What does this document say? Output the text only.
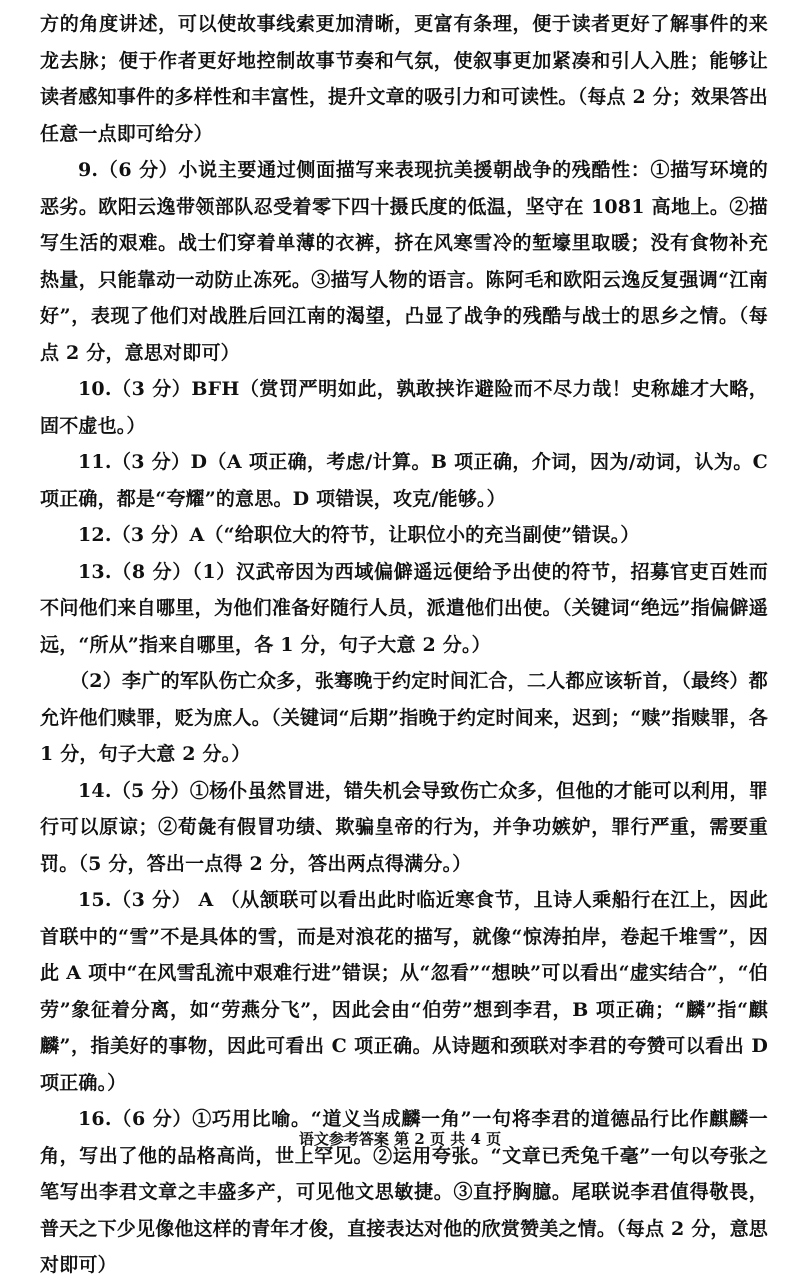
方的角度讲述，可以使故事线索更加清晰，更富有条理，便于读者更好了解事件的来龙去脉；便于作者更好地控制故事节奏和气氛，使叙事更加紧凑和引人入胜；能够让读者感知事件的多样性和丰富性，提升文章的吸引力和可读性。（每点 2 分；效果答出任意一点即可给分）

9.（6 分）小说主要通过侧面描写来表现抗美援朝战争的残酷性：①描写环境的恶劣。欧阳云逸带领部队忍受着零下四十摄氏度的低温，坚守在 1081 高地上。②描写生活的艰难。战士们穿着单薄的衣裤，挤在风寒雪冷的堑壕里取暖；没有食物补充热量，只能靠动一动防止冻死。③描写人物的语言。陈阿毛和欧阳云逸反复强调“江南好”，表现了他们对战胜后回江南的渴望，凸显了战争的残酷与战士的思乡之情。（每点 2 分，意思对即可）

10.（3 分）BFH（赏罚严明如此，孰敢挟诈避险而不尽力哉！史称雄才大略，固不虚也。）

11.（3 分）D（A 项正确，考虑/计算。B 项正确，介词，因为/动词，认为。C 项正确，都是“夸耀”的意思。D 项错误，攻克/能够。）

12.（3 分）A（“给职位大的符节，让职位小的充当副使”错误。）

13.（8 分）（1）汉武帝因为西域偏僻遥远便给予出使的符节，招募官吏百姓而不问他们来自哪里，为他们准备好随行人员，派遣他们出使。（关键词“绝远”指偏僻遥远，“所从”指来自哪里，各 1 分，句子大意 2 分。）

（2）李广的军队伤亡众多，张骞晚于约定时间汇合，二人都应该斩首，（最终）都允许他们赎罪，贬为庶人。（关键词“后期”指晚于约定时间来，迟到；“赎”指赎罪，各 1 分，句子大意 2 分。）

14.（5 分）①杨仆虽然冒进，错失机会导致伤亡众多，但他的才能可以利用，罪行可以原谅；②荀彘有假冒功绩、欺骗皇帝的行为，并争功嫉妒，罪行严重，需要重罚。（5 分，答出一点得 2 分，答出两点得满分。）

15.（3 分） A （从颔联可以看出此时临近寒食节，且诗人乘船行在江上，因此首联中的“雪”不是具体的雪，而是对浪花的描写，就像“惊涛拍岸，卷起千堆雪”，因此 A 项中“在风雪乱流中艰难行进”错误；从“忽看”“想映”可以看出“虚实结合”，“伯劳”象征着分离，如“劳燕分飞”，因此会由“伯劳”想到李君，B 项正确；“麟”指“麒麟”，指美好的事物，因此可看出 C 项正确。从诗题和颈联对李君的夸赞可以看出 D 项正确。）

16.（6 分）①巧用比喻。“道义当成麟一角”一句将李君的道德品行比作麒麟一角，写出了他的品格高尚，世上罕见。②运用夸张。“文章已秃兔千毫”一句以夸张之笔写出李君文章之丰盛多产，可见他文思敏捷。③直抒胸臆。尾联说李君值得敬畏，普天之下少见像他这样的青年才俊，直接表达对他的欣赏赞美之情。（每点 2 分，意思对即可）

语文参考答案 第 2 页 共 4 页
